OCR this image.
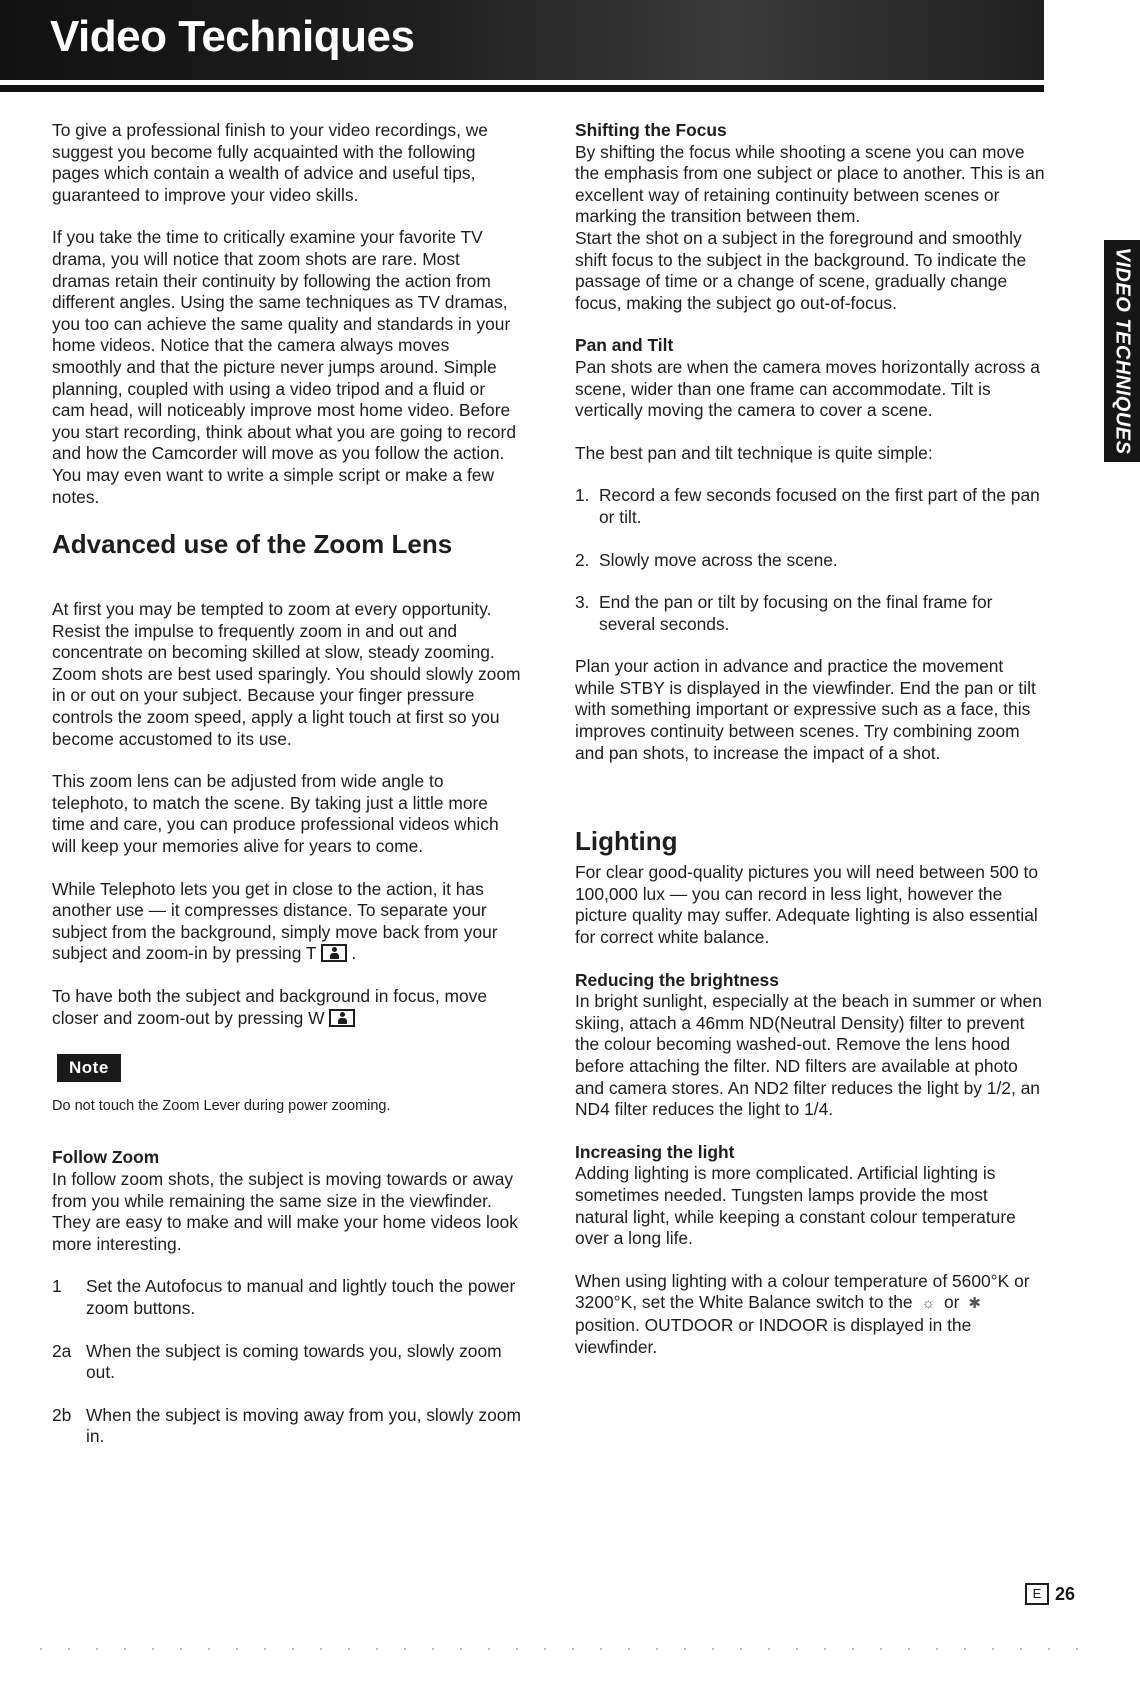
Video Techniques
VIDEO TECHNIQUES

To give a professional finish to your video recordings, we suggest you become fully acquainted with the following pages which contain a wealth of advice and useful tips, guaranteed to improve your video skills.

If you take the time to critically examine your favorite TV drama, you will notice that zoom shots are rare. Most dramas retain their continuity by following the action from different angles. Using the same techniques as TV dramas, you too can achieve the same quality and standards in your home videos. Notice that the camera always moves smoothly and that the picture never jumps around. Simple planning, coupled with using a video tripod and a fluid or cam head, will noticeably improve most home video. Before you start recording, think about what you are going to record and how the Camcorder will move as you follow the action. You may even want to write a simple script or make a few notes.

Advanced use of the Zoom Lens

At first you may be tempted to zoom at every opportunity. Resist the impulse to frequently zoom in and out and concentrate on becoming skilled at slow, steady zooming. Zoom shots are best used sparingly. You should slowly zoom in or out on your subject. Because your finger pressure controls the zoom speed, apply a light touch at first so you become accustomed to its use.

This zoom lens can be adjusted from wide angle to telephoto, to match the scene. By taking just a little more time and care, you can produce professional videos which will keep your memories alive for years to come.

While Telephoto lets you get in close to the action, it has another use — it compresses distance. To separate your subject from the background, simply move back from your subject and zoom-in by pressing T
.

To have both the subject and background in focus, move closer and zoom-out by pressing W

Note
Do not touch the Zoom Lever during power zooming.
Follow Zoom

In follow zoom shots, the subject is moving towards or away from you while remaining the same size in the viewfinder. They are easy to make and will make your home videos look more interesting.

1	Set the Autofocus to manual and lightly touch the power zoom buttons.
2a When the subject is coming towards you, slowly zoom out.
2b When the subject is moving away from you, slowly zoom in.
Shifting the Focus

By shifting the focus while shooting a scene you can move the emphasis from one subject or place to another. This is an excellent way of retaining continuity between scenes or marking the transition between them.

Start the shot on a subject in the foreground and smoothly shift focus to the subject in the background. To indicate the passage of time or a change of scene, gradually change focus, making the subject go out-of-focus.

Pan and Tilt

Pan shots are when the camera moves horizontally across a scene, wider than one frame can accommodate. Tilt is vertically moving the camera to cover a scene.

The best pan and tilt technique is quite simple:

1. Record a few seconds focused on the first part of the pan or tilt.
2. Slowly move across the scene.
3. End the pan or tilt by focusing on the final frame for several seconds.

Plan your action in advance and practice the movement while STBY is displayed in the viewfinder. End the pan or tilt with something important or expressive such as a face, this improves continuity between scenes. Try combining zoom and pan shots, to increase the impact of a shot.

Lighting

For clear good-quality pictures you will need between 500 to 100,000 lux — you can record in less light, however the picture quality may suffer. Adequate lighting is also essential for correct white balance.

Reducing the brightness

In bright sunlight, especially at the beach in summer or when skiing, attach a 46mm ND(Neutral Density) filter to prevent the colour becoming washed-out. Remove the lens hood before attaching the filter. ND filters are available at photo and camera stores. An ND2 filter reduces the light by 1/2, an ND4 filter reduces the light to 1/4.

Increasing the light

Adding lighting is more complicated. Artificial lighting is sometimes needed. Tungsten lamps provide the most natural light, while keeping a constant colour temperature over a long life.

When using lighting with a colour temperature of 5600°K or 3200°K, set the White Balance switch to the ☼ or ✱ position. OUTDOOR or INDOOR is displayed in the viewfinder.

E 26
